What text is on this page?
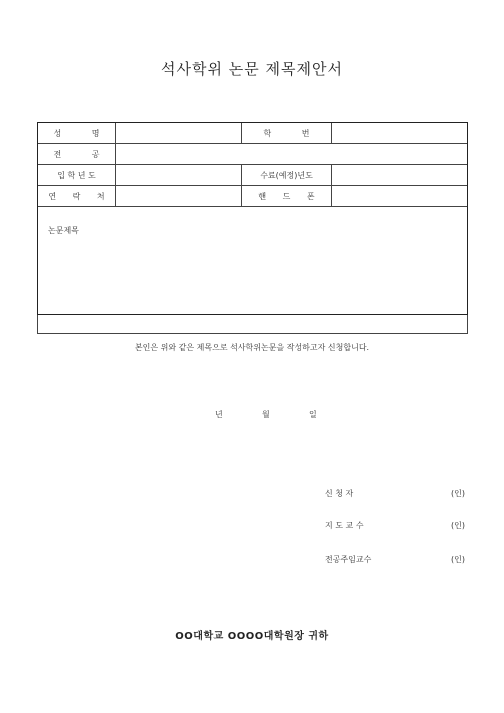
석사학위 논문 제목제안서
성 명		학 번	
전 공			
입 학 년 도		수료(예정)년도	
연 락 처		핸 드 폰	
논문제목			
본인은 위와 같은 제목으로 석사학위논문을 작성하고자 신청합니다.
년	월	일
신 청 자	(인)
지 도 교 수	(인)
전공주임교수	(인)
OO대학교 OOOO대학원장 귀하
